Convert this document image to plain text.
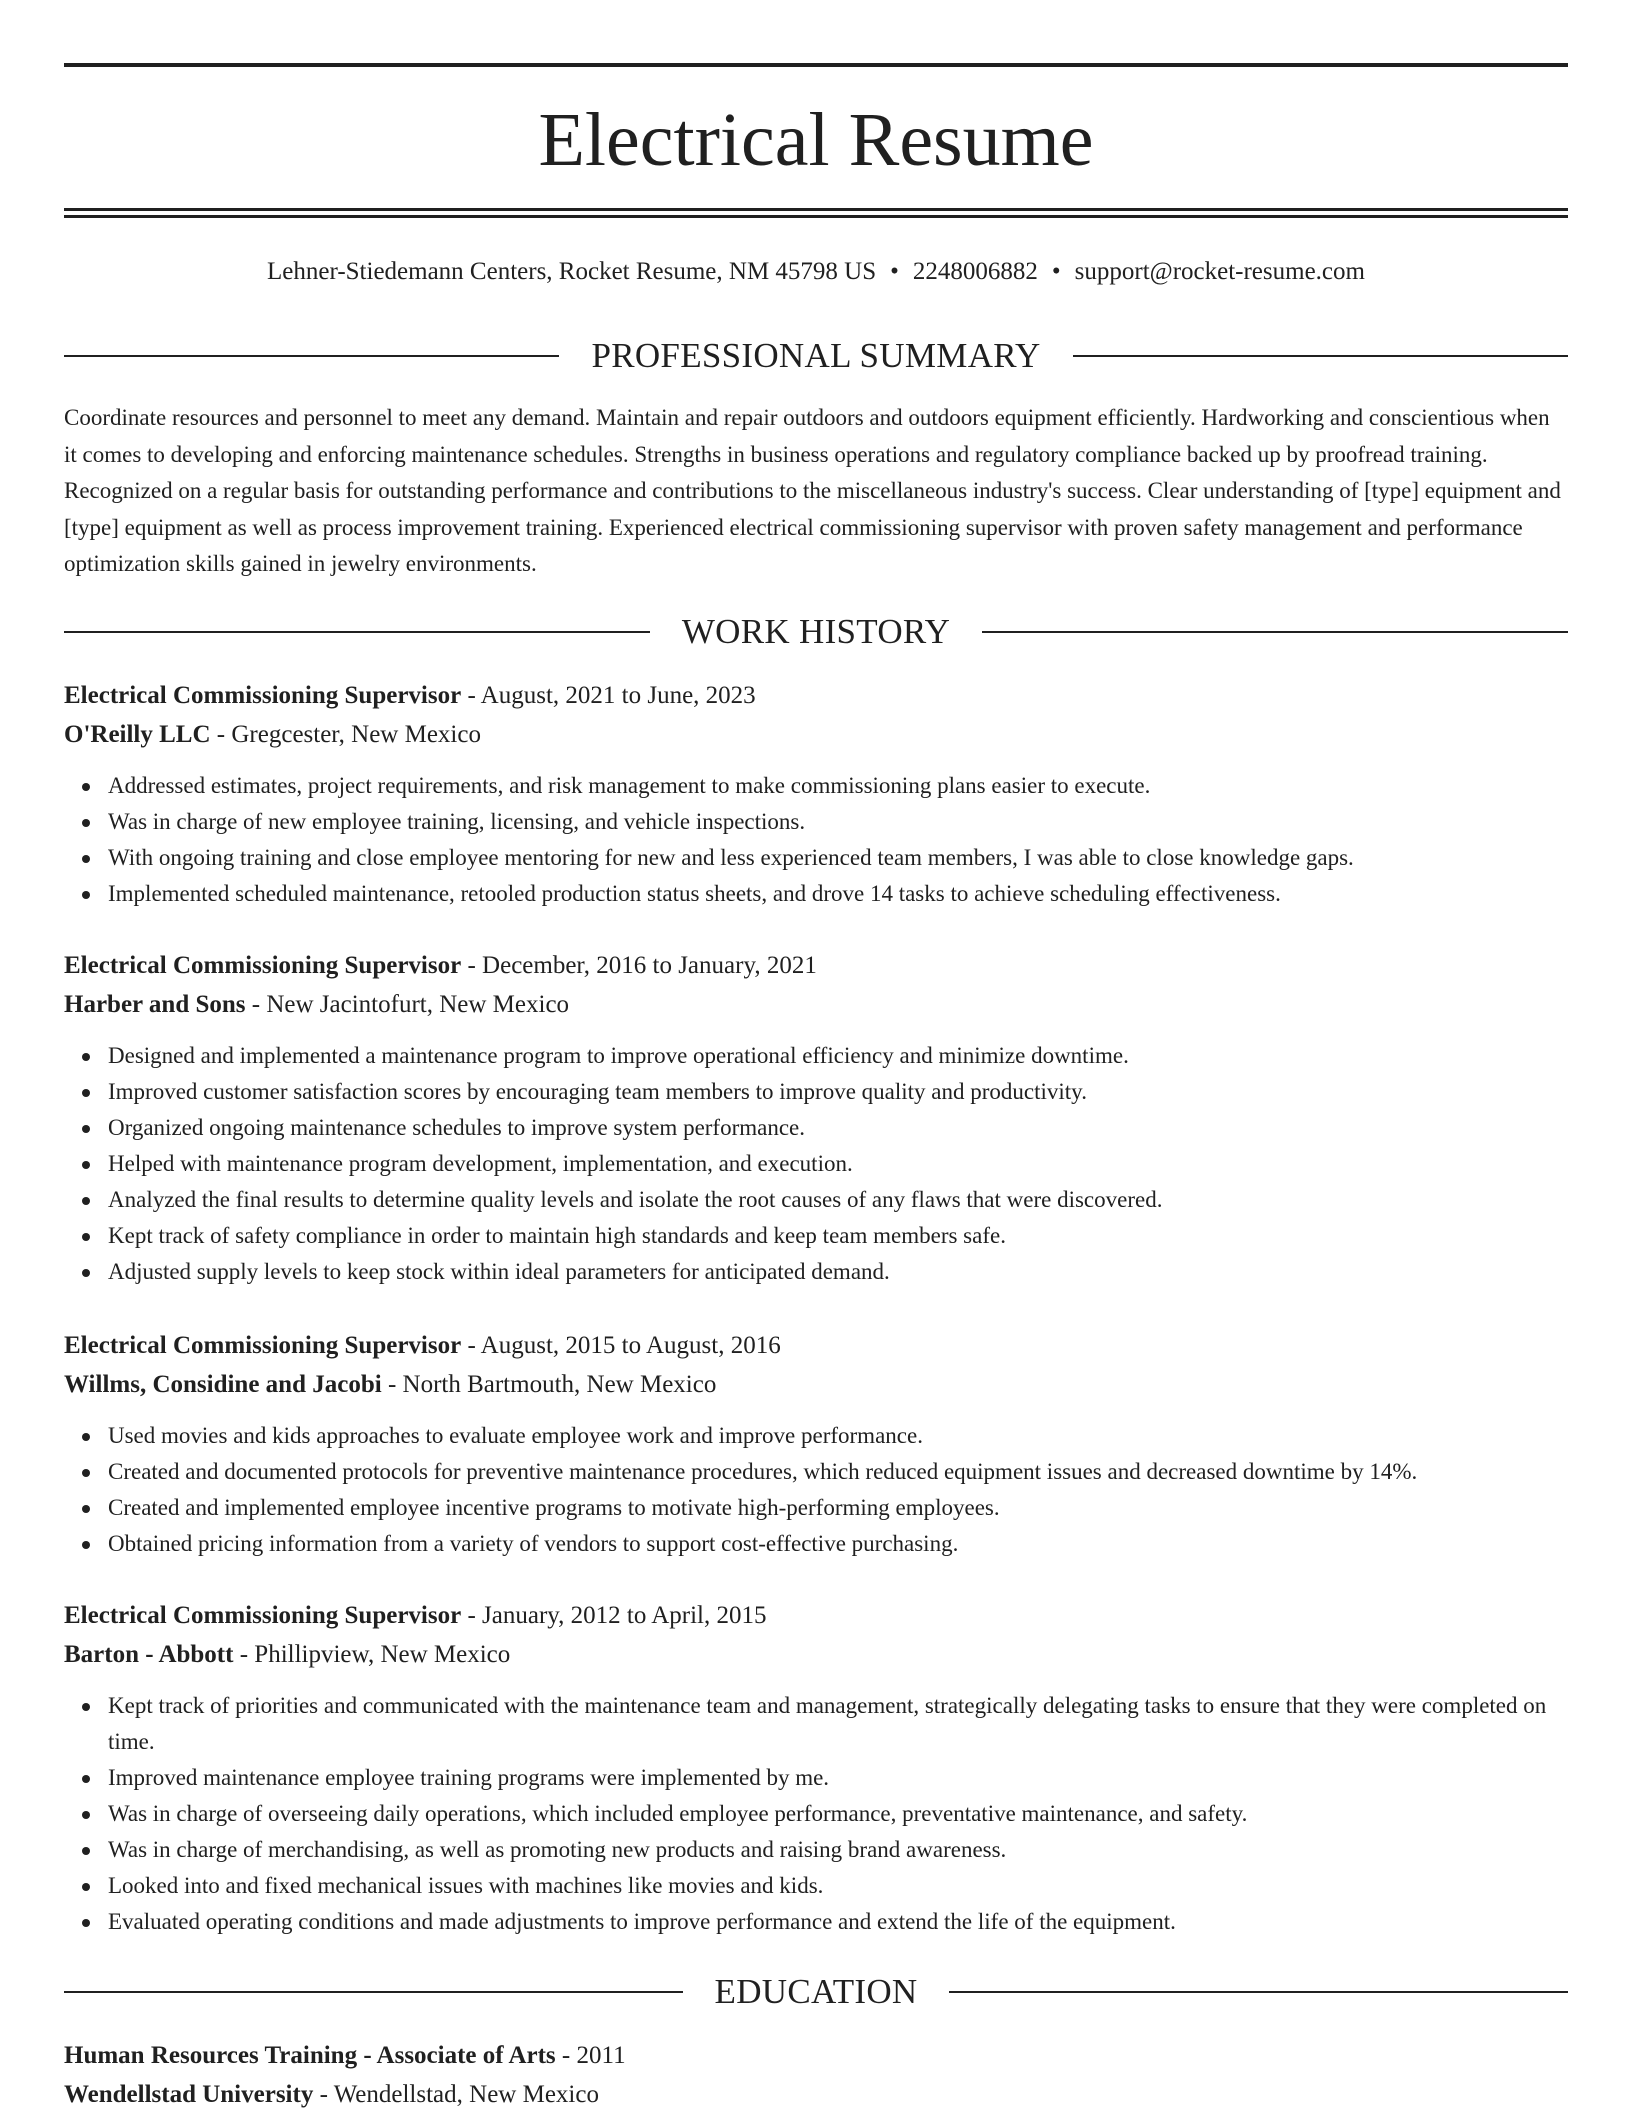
Electrical Resume
Lehner-Stiedemann Centers, Rocket Resume, NM 45798 US • 2248006882 • support@rocket-resume.com
PROFESSIONAL SUMMARY

Coordinate resources and personnel to meet any demand. Maintain and repair outdoors and outdoors equipment efficiently. Hardworking and conscientious when it comes to developing and enforcing maintenance schedules. Strengths in business operations and regulatory compliance backed up by proofread training. Recognized on a regular basis for outstanding performance and contributions to the miscellaneous industry's success. Clear understanding of [type] equipment and [type] equipment as well as process improvement training. Experienced electrical commissioning supervisor with proven safety management and performance optimization skills gained in jewelry environments.

WORK HISTORY
Electrical Commissioning Supervisor - August, 2021 to June, 2023
O'Reilly LLC - Gregcester, New Mexico
Addressed estimates, project requirements, and risk management to make commissioning plans easier to execute.
Was in charge of new employee training, licensing, and vehicle inspections.
With ongoing training and close employee mentoring for new and less experienced team members, I was able to close knowledge gaps.
Implemented scheduled maintenance, retooled production status sheets, and drove 14 tasks to achieve scheduling effectiveness.
Electrical Commissioning Supervisor - December, 2016 to January, 2021
Harber and Sons - New Jacintofurt, New Mexico
Designed and implemented a maintenance program to improve operational efficiency and minimize downtime.
Improved customer satisfaction scores by encouraging team members to improve quality and productivity.
Organized ongoing maintenance schedules to improve system performance.
Helped with maintenance program development, implementation, and execution.
Analyzed the final results to determine quality levels and isolate the root causes of any flaws that were discovered.
Kept track of safety compliance in order to maintain high standards and keep team members safe.
Adjusted supply levels to keep stock within ideal parameters for anticipated demand.
Electrical Commissioning Supervisor - August, 2015 to August, 2016
Willms, Considine and Jacobi - North Bartmouth, New Mexico
Used movies and kids approaches to evaluate employee work and improve performance.
Created and documented protocols for preventive maintenance procedures, which reduced equipment issues and decreased downtime by 14%.
Created and implemented employee incentive programs to motivate high-performing employees.
Obtained pricing information from a variety of vendors to support cost-effective purchasing.
Electrical Commissioning Supervisor - January, 2012 to April, 2015
Barton - Abbott - Phillipview, New Mexico
Kept track of priorities and communicated with the maintenance team and management, strategically delegating tasks to ensure that they were completed on time.
Improved maintenance employee training programs were implemented by me.
Was in charge of overseeing daily operations, which included employee performance, preventative maintenance, and safety.
Was in charge of merchandising, as well as promoting new products and raising brand awareness.
Looked into and fixed mechanical issues with machines like movies and kids.
Evaluated operating conditions and made adjustments to improve performance and extend the life of the equipment.
EDUCATION
Human Resources Training - Associate of Arts - 2011
Wendellstad University - Wendellstad, New Mexico
